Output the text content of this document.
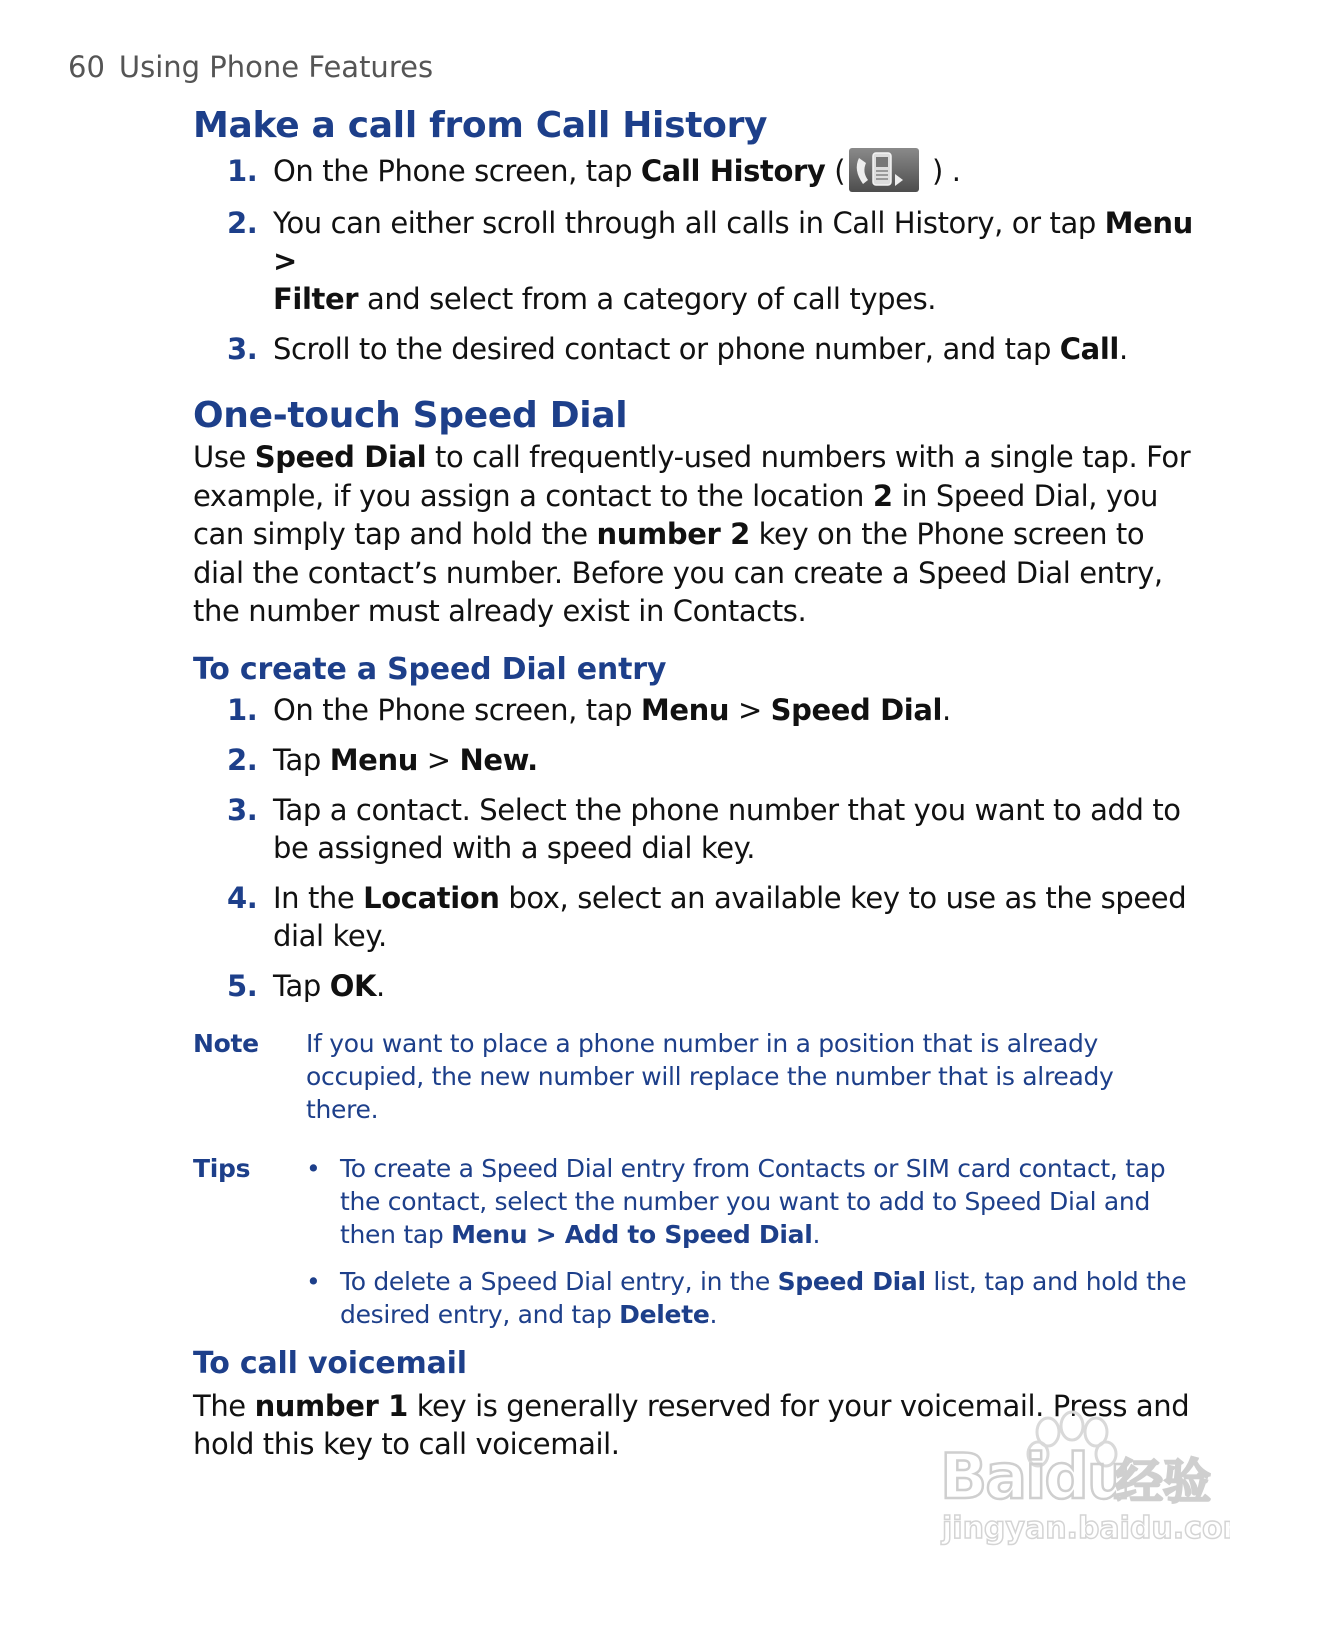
60 Using Phone Features
Make a call from Call History
1. On the Phone screen, tap Call History (	) .
2. You can either scroll through all calls in Call History, or tap Menu >
Filter and select from a category of call types.
3. Scroll to the desired contact or phone number, and tap Call.
One-touch Speed Dial

Use Speed Dial to call frequently-used numbers with a single tap. For example, if you assign a contact to the location 2 in Speed Dial, you can simply tap and hold the number 2 key on the Phone screen to dial the contact’s number. Before you can create a Speed Dial entry, the number must already exist in Contacts.

To create a Speed Dial entry
1. On the Phone screen, tap Menu > Speed Dial.
2. Tap Menu > New.
3. Tap a contact. Select the phone number that you want to add to be assigned with a speed dial key.
4. In the Location box, select an available key to use as the speed dial key.
5. Tap OK.
Note If you want to place a phone number in a position that is already occupied, the new number will replace the number that is already there.
Tips • To create a Speed Dial entry from Contacts or SIM card contact, tap the contact, select the number you want to add to Speed Dial and then tap Menu > Add to Speed Dial.
• To delete a Speed Dial entry, in the Speed Dial list, tap and hold the desired entry, and tap Delete.
To call voicemail

The number 1 key is generally reserved for your voicemail. Press and hold this key to call voicemail.	Baidu
经验
jingyan.baidu.com
